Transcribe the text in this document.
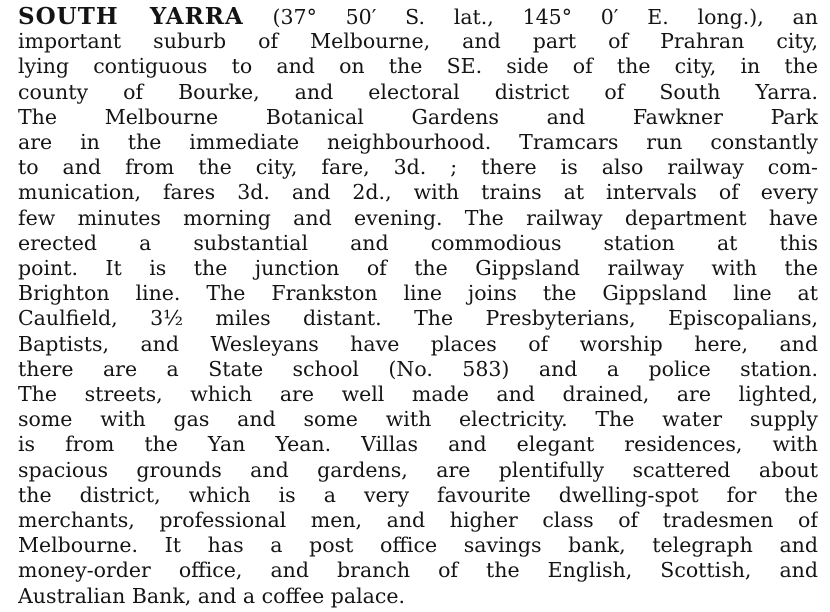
SOUTH YARRA (37° 50′ S. lat., 145° 0′ E. long.), an
important suburb of Melbourne, and part of Prahran city,
lying contiguous to and on the SE. side of the city, in the
county of Bourke, and electoral district of South Yarra.
The Melbourne Botanical Gardens and Fawkner Park
are in the immediate neighbourhood. Tramcars run constantly
to and from the city, fare, 3d. ; there is also railway com-
munication, fares 3d. and 2d., with trains at intervals of every
few minutes morning and evening. The railway department have
erected a substantial and commodious station at this
point. It is the junction of the Gippsland railway with the
Brighton line. The Frankston line joins the Gippsland line at
Caulfield, 3½ miles distant. The Presbyterians, Episcopalians,
Baptists, and Wesleyans have places of worship here, and
there are a State school (No. 583) and a police station.
The streets, which are well made and drained, are lighted,
some with gas and some with electricity. The water supply
is from the Yan Yean. Villas and elegant residences, with
spacious grounds and gardens, are plentifully scattered about
the district, which is a very favourite dwelling-spot for the
merchants, professional men, and higher class of tradesmen of
Melbourne. It has a post office savings bank, telegraph and
money-order office, and branch of the English, Scottish, and
Australian Bank, and a coffee palace.
